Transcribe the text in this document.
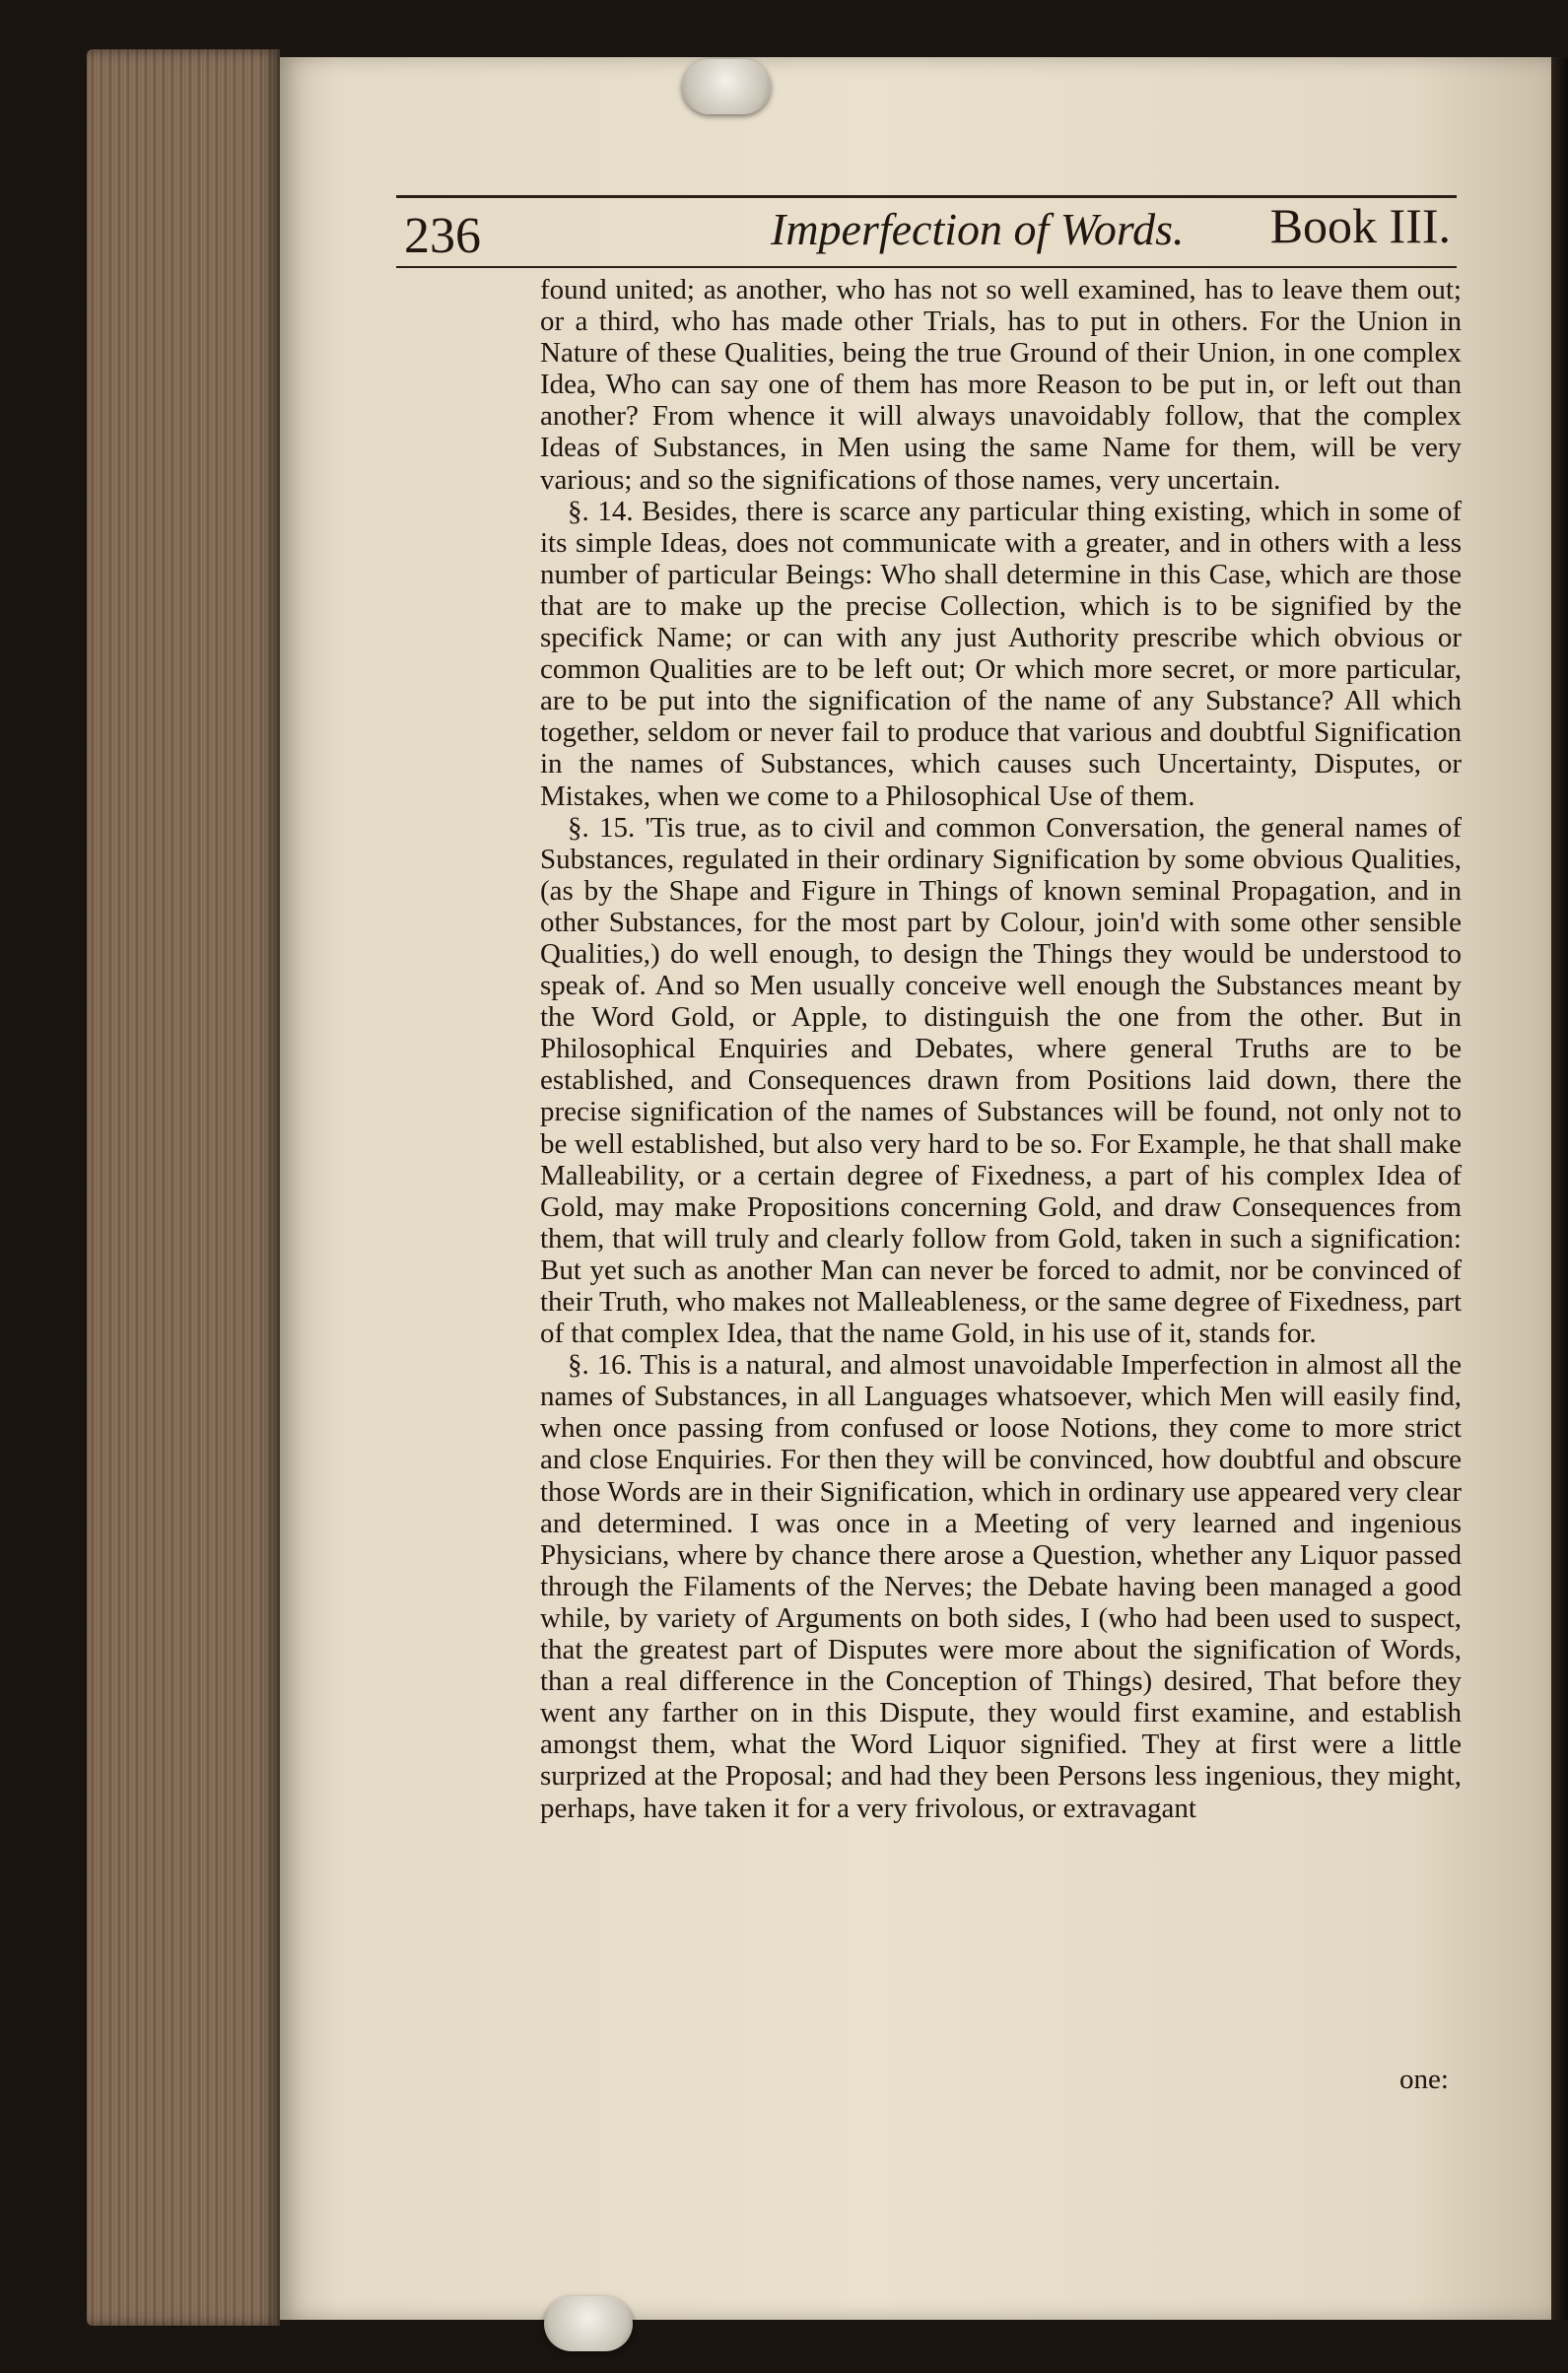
236	Imperfection of Words. Book III.

found united; as another, who has not so well examined, has to leave them out; or a third, who has made other Trials, has to put in others. For the Union in Nature of these Qualities, being the true Ground of their Union, in one complex Idea, Who can say one of them has more Reason to be put in, or left out than another? From whence it will always unavoidably follow, that the complex Ideas of Substances, in Men using the same Name for them, will be very various; and so the significations of those names, very uncertain.

§. 14. Besides, there is scarce any particular thing existing, which in some of its simple Ideas, does not communicate with a greater, and in others with a less number of particular Beings: Who shall determine in this Case, which are those that are to make up the precise Collection, which is to be signified by the specifick Name; or can with any just Authority prescribe which obvious or common Qualities are to be left out; Or which more secret, or more particular, are to be put into the signification of the name of any Substance? All which together, seldom or never fail to produce that various and doubtful Signification in the names of Substances, which causes such Uncertainty, Disputes, or Mistakes, when we come to a Philosophical Use of them.

§. 15. 'Tis true, as to civil and common Conversation, the general names of Substances, regulated in their ordinary Signification by some obvious Qualities, (as by the Shape and Figure in Things of known seminal Propagation, and in other Substances, for the most part by Colour, join'd with some other sensible Qualities,) do well enough, to design the Things they would be understood to speak of. And so Men usually conceive well enough the Substances meant by the Word Gold, or Apple, to distinguish the one from the other. But in Philosophical Enquiries and Debates, where general Truths are to be established, and Consequences drawn from Positions laid down, there the precise signification of the names of Substances will be found, not only not to be well established, but also very hard to be so. For Example, he that shall make Malleability, or a certain degree of Fixedness, a part of his complex Idea of Gold, may make Propositions concerning Gold, and draw Consequences from them, that will truly and clearly follow from Gold, taken in such a signification: But yet such as another Man can never be forced to admit, nor be convinced of their Truth, who makes not Malleableness, or the same degree of Fixedness, part of that complex Idea, that the name Gold, in his use of it, stands for.

§. 16. This is a natural, and almost unavoidable Imperfection in almost all the names of Substances, in all Languages whatsoever, which Men will easily find, when once passing from confused or loose Notions, they come to more strict and close Enquiries. For then they will be convinced, how doubtful and obscure those Words are in their Signification, which in ordinary use appeared very clear and determined. I was once in a Meeting of very learned and ingenious Physicians, where by chance there arose a Question, whether any Liquor passed through the Filaments of the Nerves; the Debate having been managed a good while, by variety of Arguments on both sides, I (who had been used to suspect, that the greatest part of Disputes were more about the signification of Words, than a real difference in the Conception of Things) desired, That before they went any farther on in this Dispute, they would first examine, and establish amongst them, what the Word Liquor signified. They at first were a little surprized at the Proposal; and had they been Persons less ingenious, they might, perhaps, have taken it for a very frivolous, or extravagant

one:
